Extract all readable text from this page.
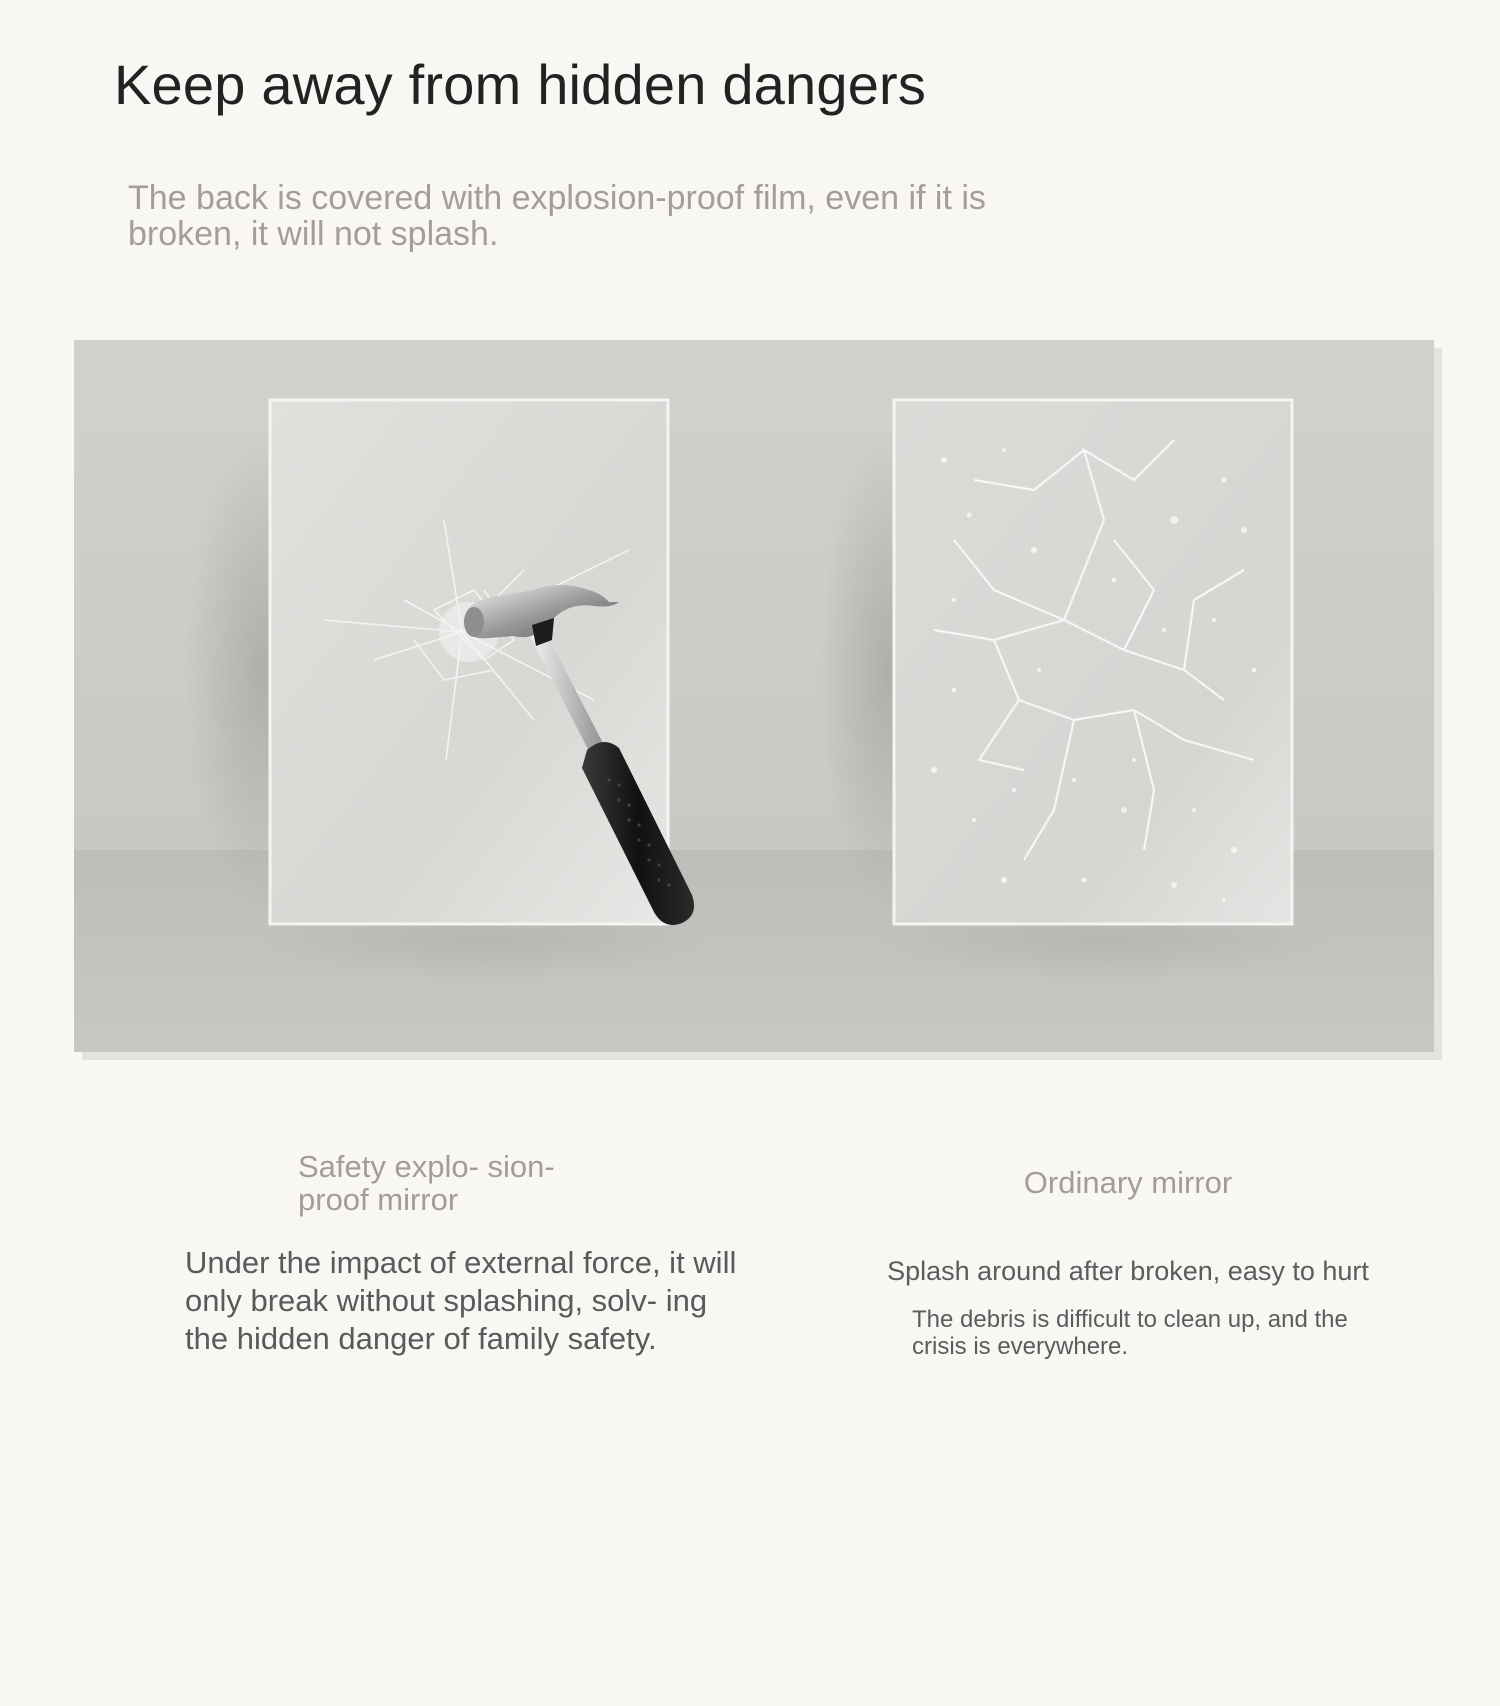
Keep away from hidden dangers

The back is covered with explosion-proof film, even if it is broken, it will not splash.

Safety explo- sion-proof mirror

Under the impact of external force, it will only break without splashing, solv- ing the hidden danger of family safety.

Ordinary mirror

Splash around after broken, easy to hurt

The debris is difficult to clean up, and the crisis is everywhere.
